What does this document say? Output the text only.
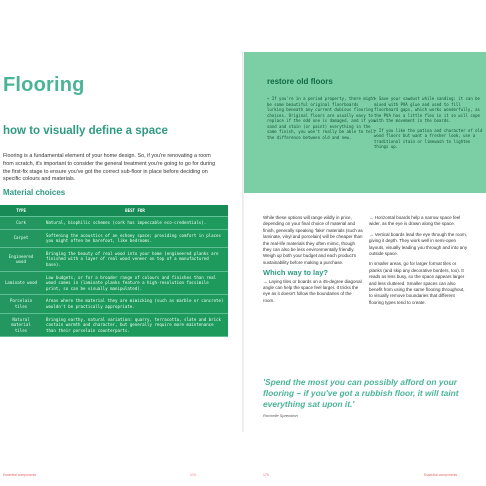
Flooring
how to visually define a space

Flooring is a fundamental element of your home design. So, if you're renovating a room from scratch, it's important to consider the general treatment you're going to go for during the first-fix stage to ensure you've got the correct sub-floor in place before deciding on specific colours and materials.

Material choices
TYPE	BEST FOR
Cork	Natural, biophilic schemes (cork has impeccable eco-credentials).
Carpet	Softening the acoustics of an echoey space; providing comfort in places you might often be barefoot, like bedrooms.
Engineered wood	Bringing the beauty of real wood into your home (engineered planks are finished with a layer of real wood veneer on top of a manufactured base).
Laminate wood	Low budgets, or for a broader range of colours and finishes than real wood comes in (laminate planks feature a high-resolution facsimile print, so can be visually manipulated).
Porcelain tiles	Areas where the material they are mimicking (such as marble or concrete) wouldn't be practically appropriate.
Natural material tiles	Bringing earthy, natural variation: quarry, terracotta, slate and brick contain warmth and character, but generally require more maintenance than their porcelain counterparts.
Essential components	174
restore old floors

→ If you're in a period property, there might be some beautiful original floorboards lurking beneath any current dubious flooring choices. Original floors are usually easy to replace if the odd one is damaged, and if you sand and stain (or paint) everything in the same finish, you won't really be able to tell the difference between old and new.

→ Save your sawdust while sanding: it can be mixed with PVA glue and used to fill floorboard gaps, which works wonderfully, as the PVA has a little flex in it so will cope with the movement in the boards.

→ If you like the patina and character of old wood floors but want a fresher look, use a traditional stain or limewash to lighten things up.

While these options will range wildly in price, depending on your final choice of material and finish, generally speaking 'fake' materials (such as laminate, vinyl and porcelain) will be cheaper than the real-life materials they often mimic, though they can also be less environmentally friendly. Weigh up both your budget and each product's sustainability before making a purchase.

Which way to lay?

→ Laying tiles or boards on a 45-degree diagonal angle can help the space feel larger. It tricks the eye as it doesn't follow the boundaries of the room.

→ Horizontal boards help a narrow space feel wider, as the eye is drawn along the space.

→ Vertical boards lead the eye through the room, giving it depth. They work well in semi-open layouts, visually leading you through and into any outside space.

In smaller areas, go for larger format tiles or planks (and skip any decorative borders, too). It reads as less busy, so the space appears larger and less cluttered. Smaller spaces can also benefit from using the same flooring throughout, to visually remove boundaries that different flooring types tend to create.

'Spend the most you can possibly afford on your flooring – if you've got a rubbish floor, it will taint everything sat upon it.'

Rochelle Sprenkton

175	Essential components
